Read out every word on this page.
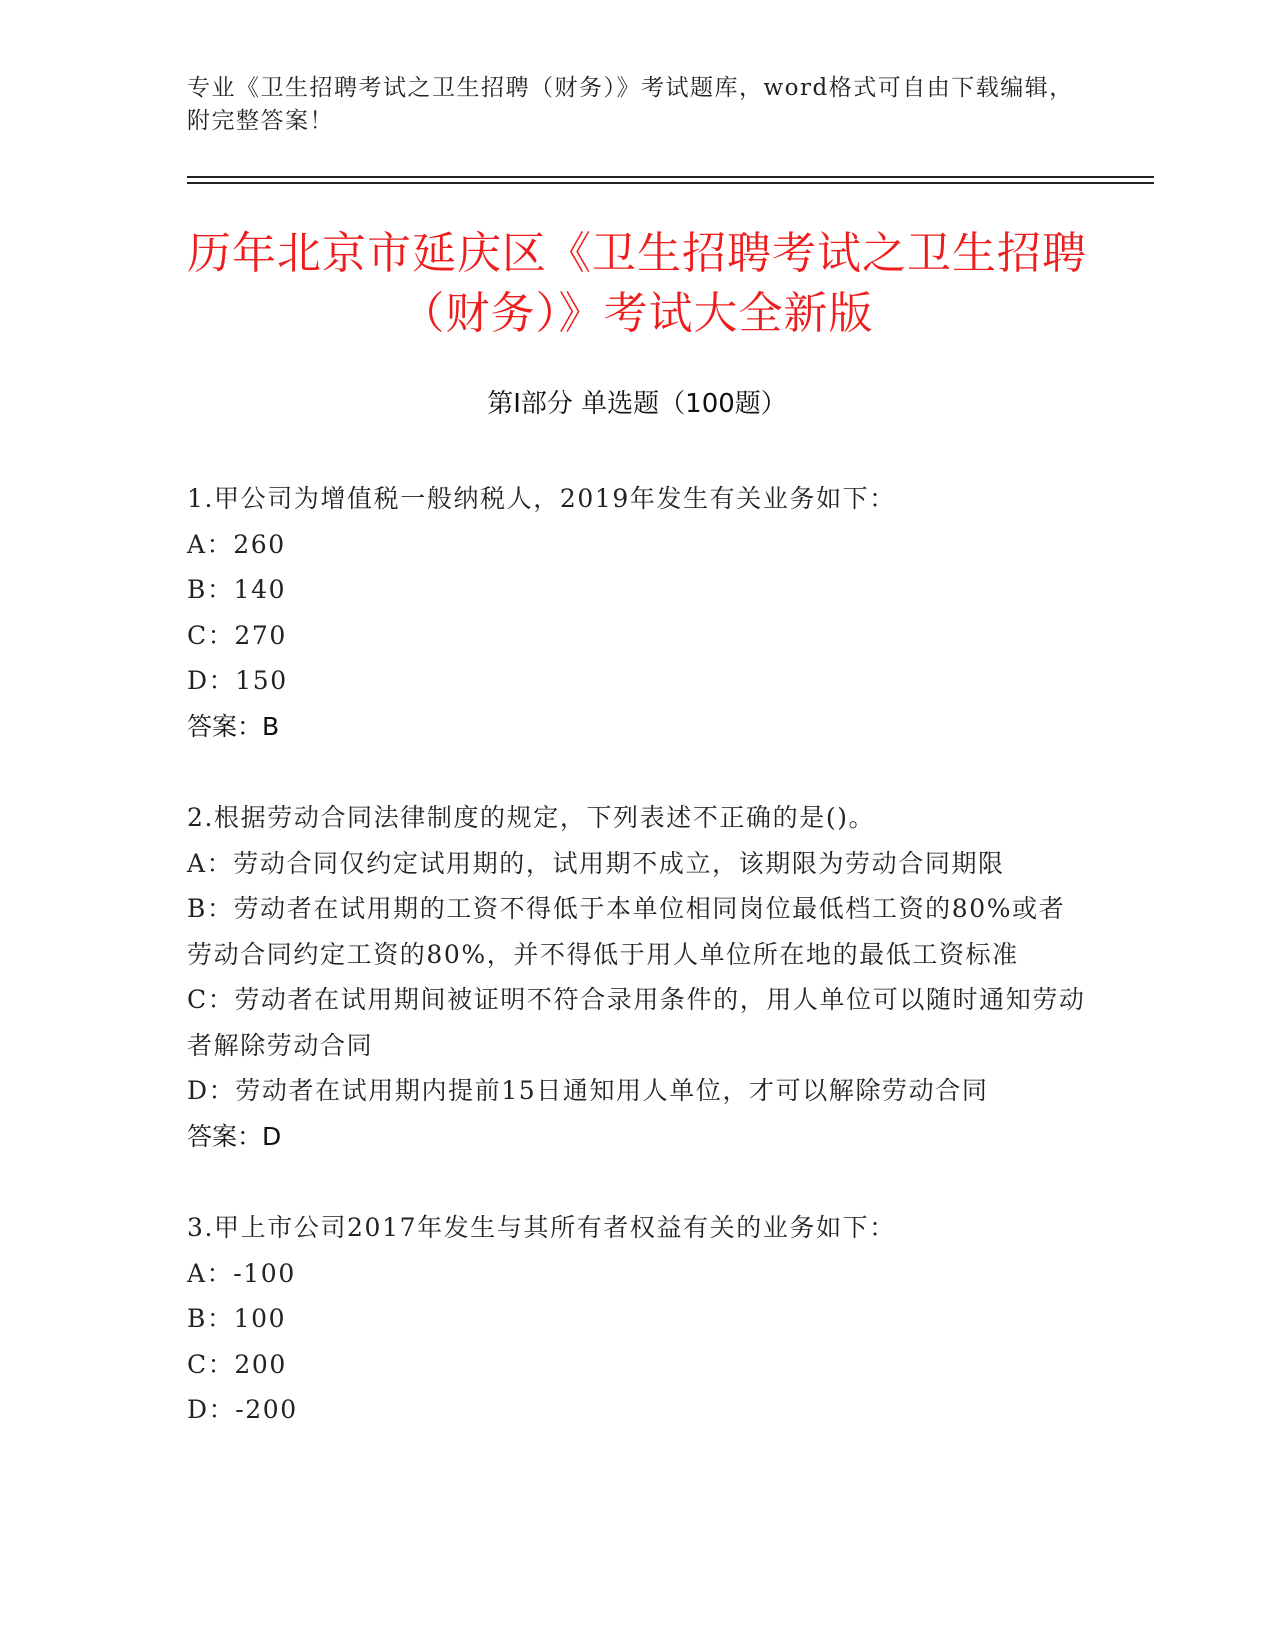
专业《卫生招聘考试之卫生招聘（财务）》考试题库，word格式可自由下载编辑，附完整答案！
历年北京市延庆区《卫生招聘考试之卫生招聘（财务）》考试大全新版
第Ⅰ部分 单选题（100题）
1.甲公司为增值税一般纳税人，2019年发生有关业务如下：
A：260
B：140
C：270
D：150
答案：B
2.根据劳动合同法律制度的规定，下列表述不正确的是()。
A：劳动合同仅约定试用期的，试用期不成立，该期限为劳动合同期限
B：劳动者在试用期的工资不得低于本单位相同岗位最低档工资的80%或者劳动合同约定工资的80%，并不得低于用人单位所在地的最低工资标准
C：劳动者在试用期间被证明不符合录用条件的，用人单位可以随时通知劳动者解除劳动合同
D：劳动者在试用期内提前15日通知用人单位，才可以解除劳动合同
答案：D
3.甲上市公司2017年发生与其所有者权益有关的业务如下：
A：-100
B：100
C：200
D：-200
